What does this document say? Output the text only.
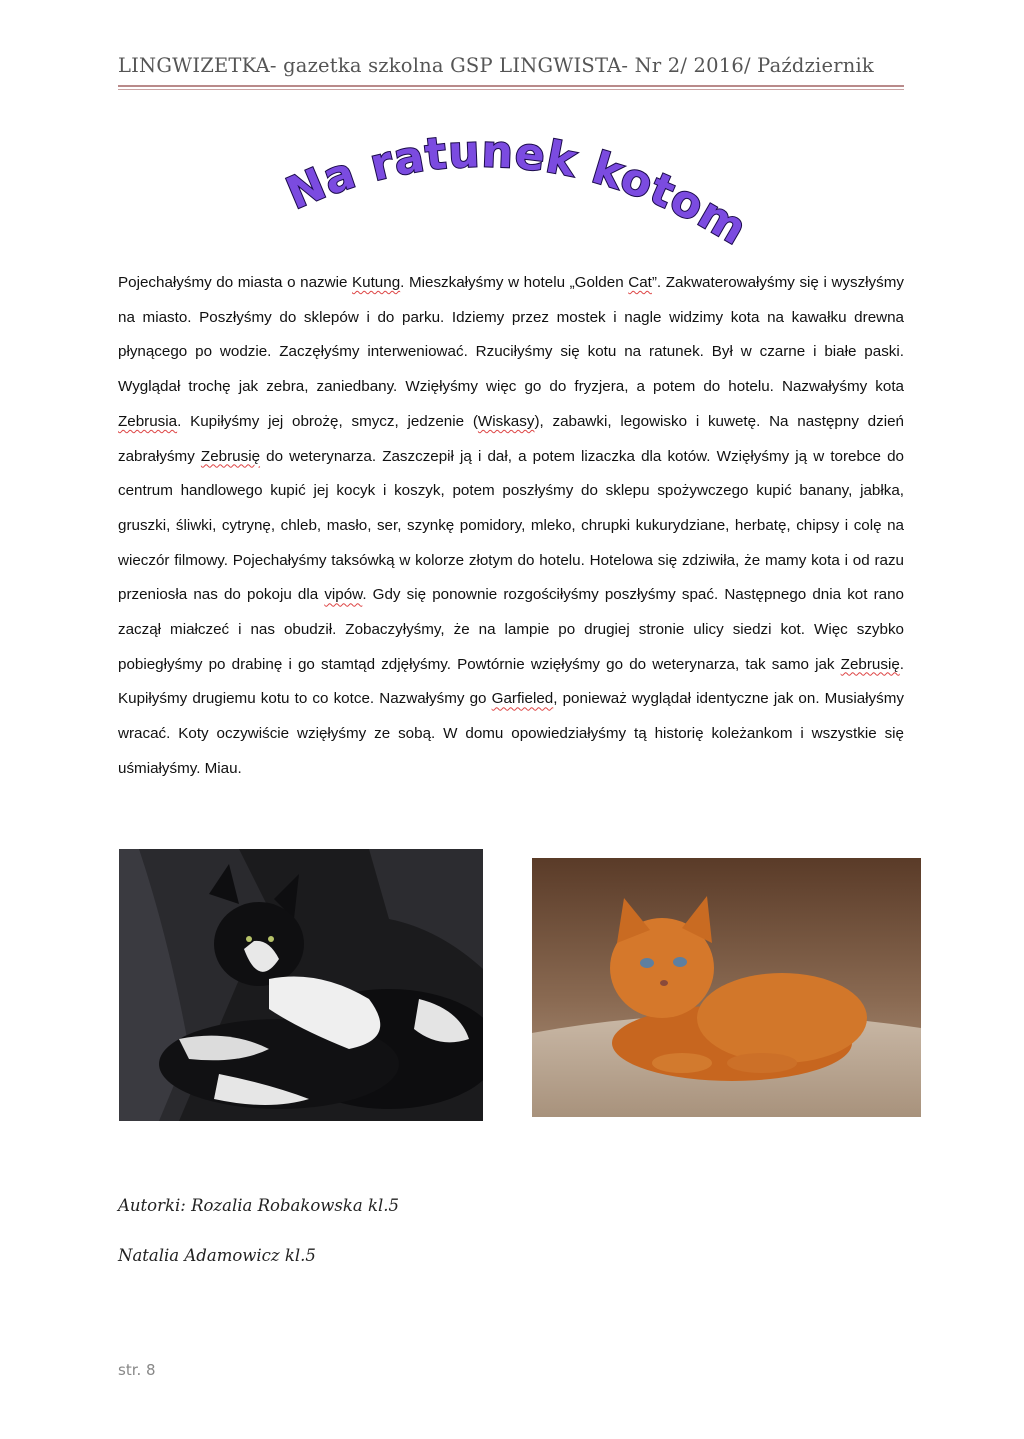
LINGWIZETKA- gazetka szkolna GSP LINGWISTA- Nr 2/ 2016/ Październik
Na ratunek kotom!!

Pojechałyśmy do miasta o nazwie Kutung. Mieszkałyśmy w hotelu „Golden Cat”. Zakwaterowałyśmy się i wyszłyśmy na miasto. Poszłyśmy do sklepów i do parku. Idziemy przez mostek i nagle widzimy kota na kawałku drewna płynącego po wodzie. Zaczęłyśmy interweniować. Rzuciłyśmy się kotu na ratunek. Był w czarne i białe paski. Wyglądał trochę jak zebra, zaniedbany. Wzięłyśmy więc go do fryzjera, a potem do hotelu. Nazwałyśmy kota Zebrusia. Kupiłyśmy jej obrożę, smycz, jedzenie (Wiskasy), zabawki, legowisko i kuwetę. Na następny dzień zabrałyśmy Zebrusię do weterynarza. Zaszczepił ją i dał, a potem lizaczka dla kotów. Wzięłyśmy ją w torebce do centrum handlowego kupić jej kocyk i koszyk, potem poszłyśmy do sklepu spożywczego kupić banany, jabłka, gruszki, śliwki, cytrynę, chleb, masło, ser, szynkę pomidory, mleko, chrupki kukurydziane, herbatę, chipsy i colę na wieczór filmowy. Pojechałyśmy taksówką w kolorze złotym do hotelu. Hotelowa się zdziwiła, że mamy kota i od razu przeniosła nas do pokoju dla vipów. Gdy się ponownie rozgościłyśmy poszłyśmy spać. Następnego dnia kot rano zaczął miałczeć i nas obudził. Zobaczyłyśmy, że na lampie po drugiej stronie ulicy siedzi kot. Więc szybko pobiegłyśmy po drabinę i go stamtąd zdjęłyśmy. Powtórnie wzięłyśmy go do weterynarza, tak samo jak Zebrusię. Kupiłyśmy drugiemu kotu to co kotce. Nazwałyśmy go Garfieled, ponieważ wyglądał identyczne jak on. Musiałyśmy wracać. Koty oczywiście wzięłyśmy ze sobą. W domu opowiedziałyśmy tą historię koleżankom i wszystkie się uśmiałyśmy. Miau.

Autorki: Rozalia Robakowska kl.5
Natalia Adamowicz kl.5
str. 8
